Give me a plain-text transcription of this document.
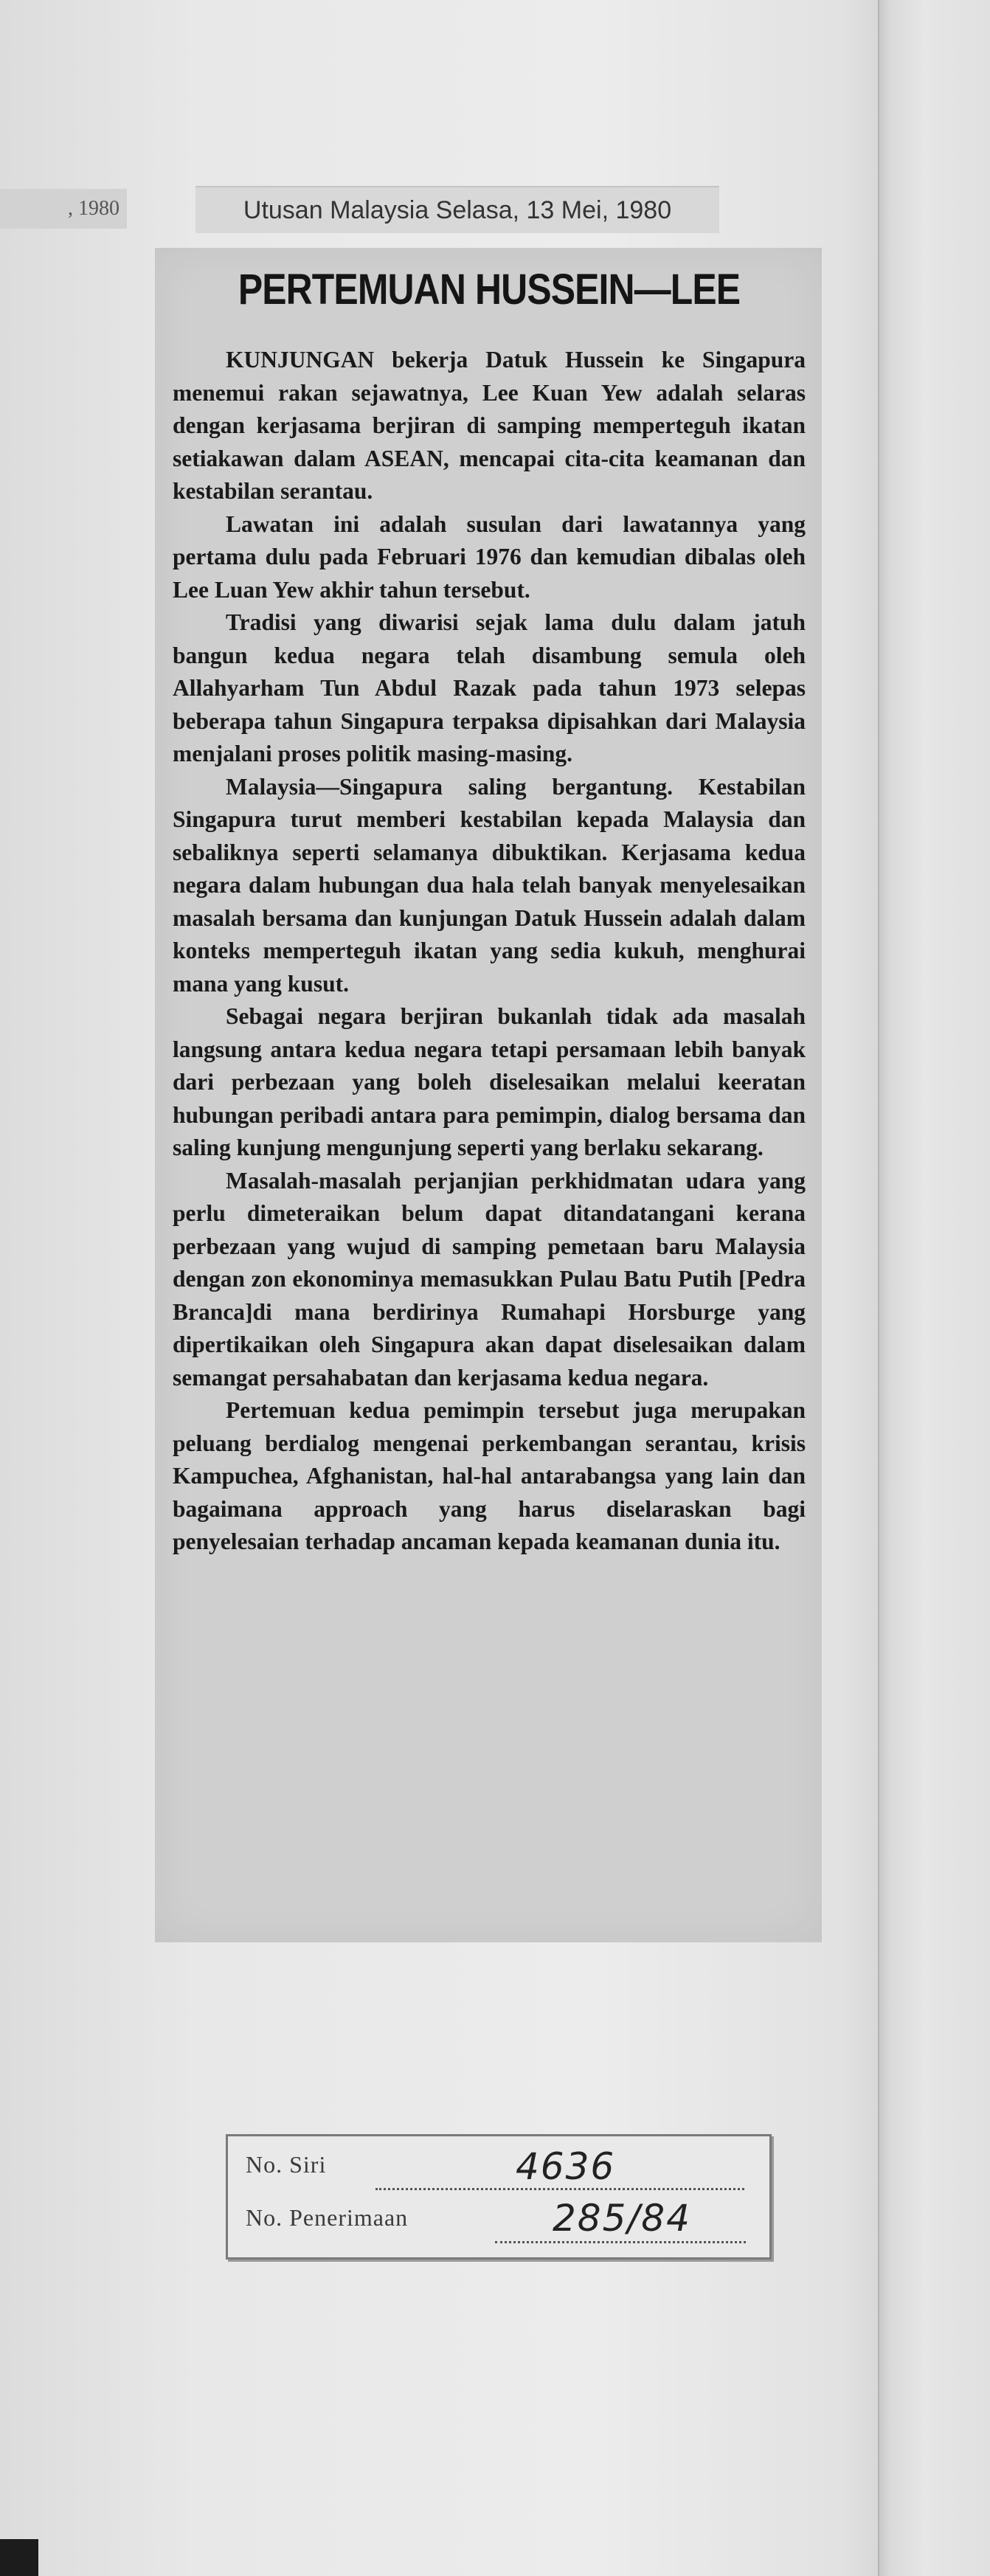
, 1980	Utusan Malaysia Selasa, 13 Mei, 1980
PERTEMUAN HUSSEIN—LEE

KUNJUNGAN bekerja Datuk Hussein ke Singapura menemui rakan sejawatnya, Lee Kuan Yew adalah selaras dengan kerjasama berjiran di samping memperteguh ikatan setiakawan dalam ASEAN, mencapai cita-cita keamanan dan kestabilan serantau.

Lawatan ini adalah susulan dari lawatannya yang pertama dulu pada Februari 1976 dan kemudian dibalas oleh Lee Luan Yew akhir tahun tersebut.

Tradisi yang diwarisi sejak lama dulu dalam jatuh bangun kedua negara telah disambung semula oleh Allahyarham Tun Abdul Razak pada tahun 1973 selepas beberapa tahun Singapura terpaksa dipisahkan dari Malaysia menjalani proses politik masing-masing.

Malaysia—Singapura saling bergantung. Kestabilan Singapura turut memberi kestabilan kepada Malaysia dan sebaliknya seperti selamanya dibuktikan. Kerjasama kedua negara dalam hubungan dua hala telah banyak menyelesaikan masalah bersama dan kunjungan Datuk Hussein adalah dalam konteks memperteguh ikatan yang sedia kukuh, menghurai mana yang kusut.

Sebagai negara berjiran bukanlah tidak ada masalah langsung antara kedua negara tetapi persamaan lebih banyak dari perbezaan yang boleh diselesaikan melalui keeratan hubungan peribadi antara para pemimpin, dialog bersama dan saling kunjung mengunjung seperti yang berlaku sekarang.

Masalah-masalah perjanjian perkhidmatan udara yang perlu dimeteraikan belum dapat ditandatangani kerana perbezaan yang wujud di samping pemetaan baru Malaysia dengan zon ekonominya memasukkan Pulau Batu Putih [Pedra Branca]di mana berdirinya Rumahapi Horsburge yang dipertikaikan oleh Singapura akan dapat diselesaikan dalam semangat persahabatan dan kerjasama kedua negara.

Pertemuan kedua pemimpin tersebut juga merupakan peluang berdialog mengenai perkembangan serantau, krisis Kampuchea, Afghanistan, hal-hal antarabangsa yang lain dan bagaimana approach yang harus diselaraskan bagi penyelesaian terhadap ancaman kepada keamanan dunia itu.

No. Siri	4636
No. Penerimaan	285/84
